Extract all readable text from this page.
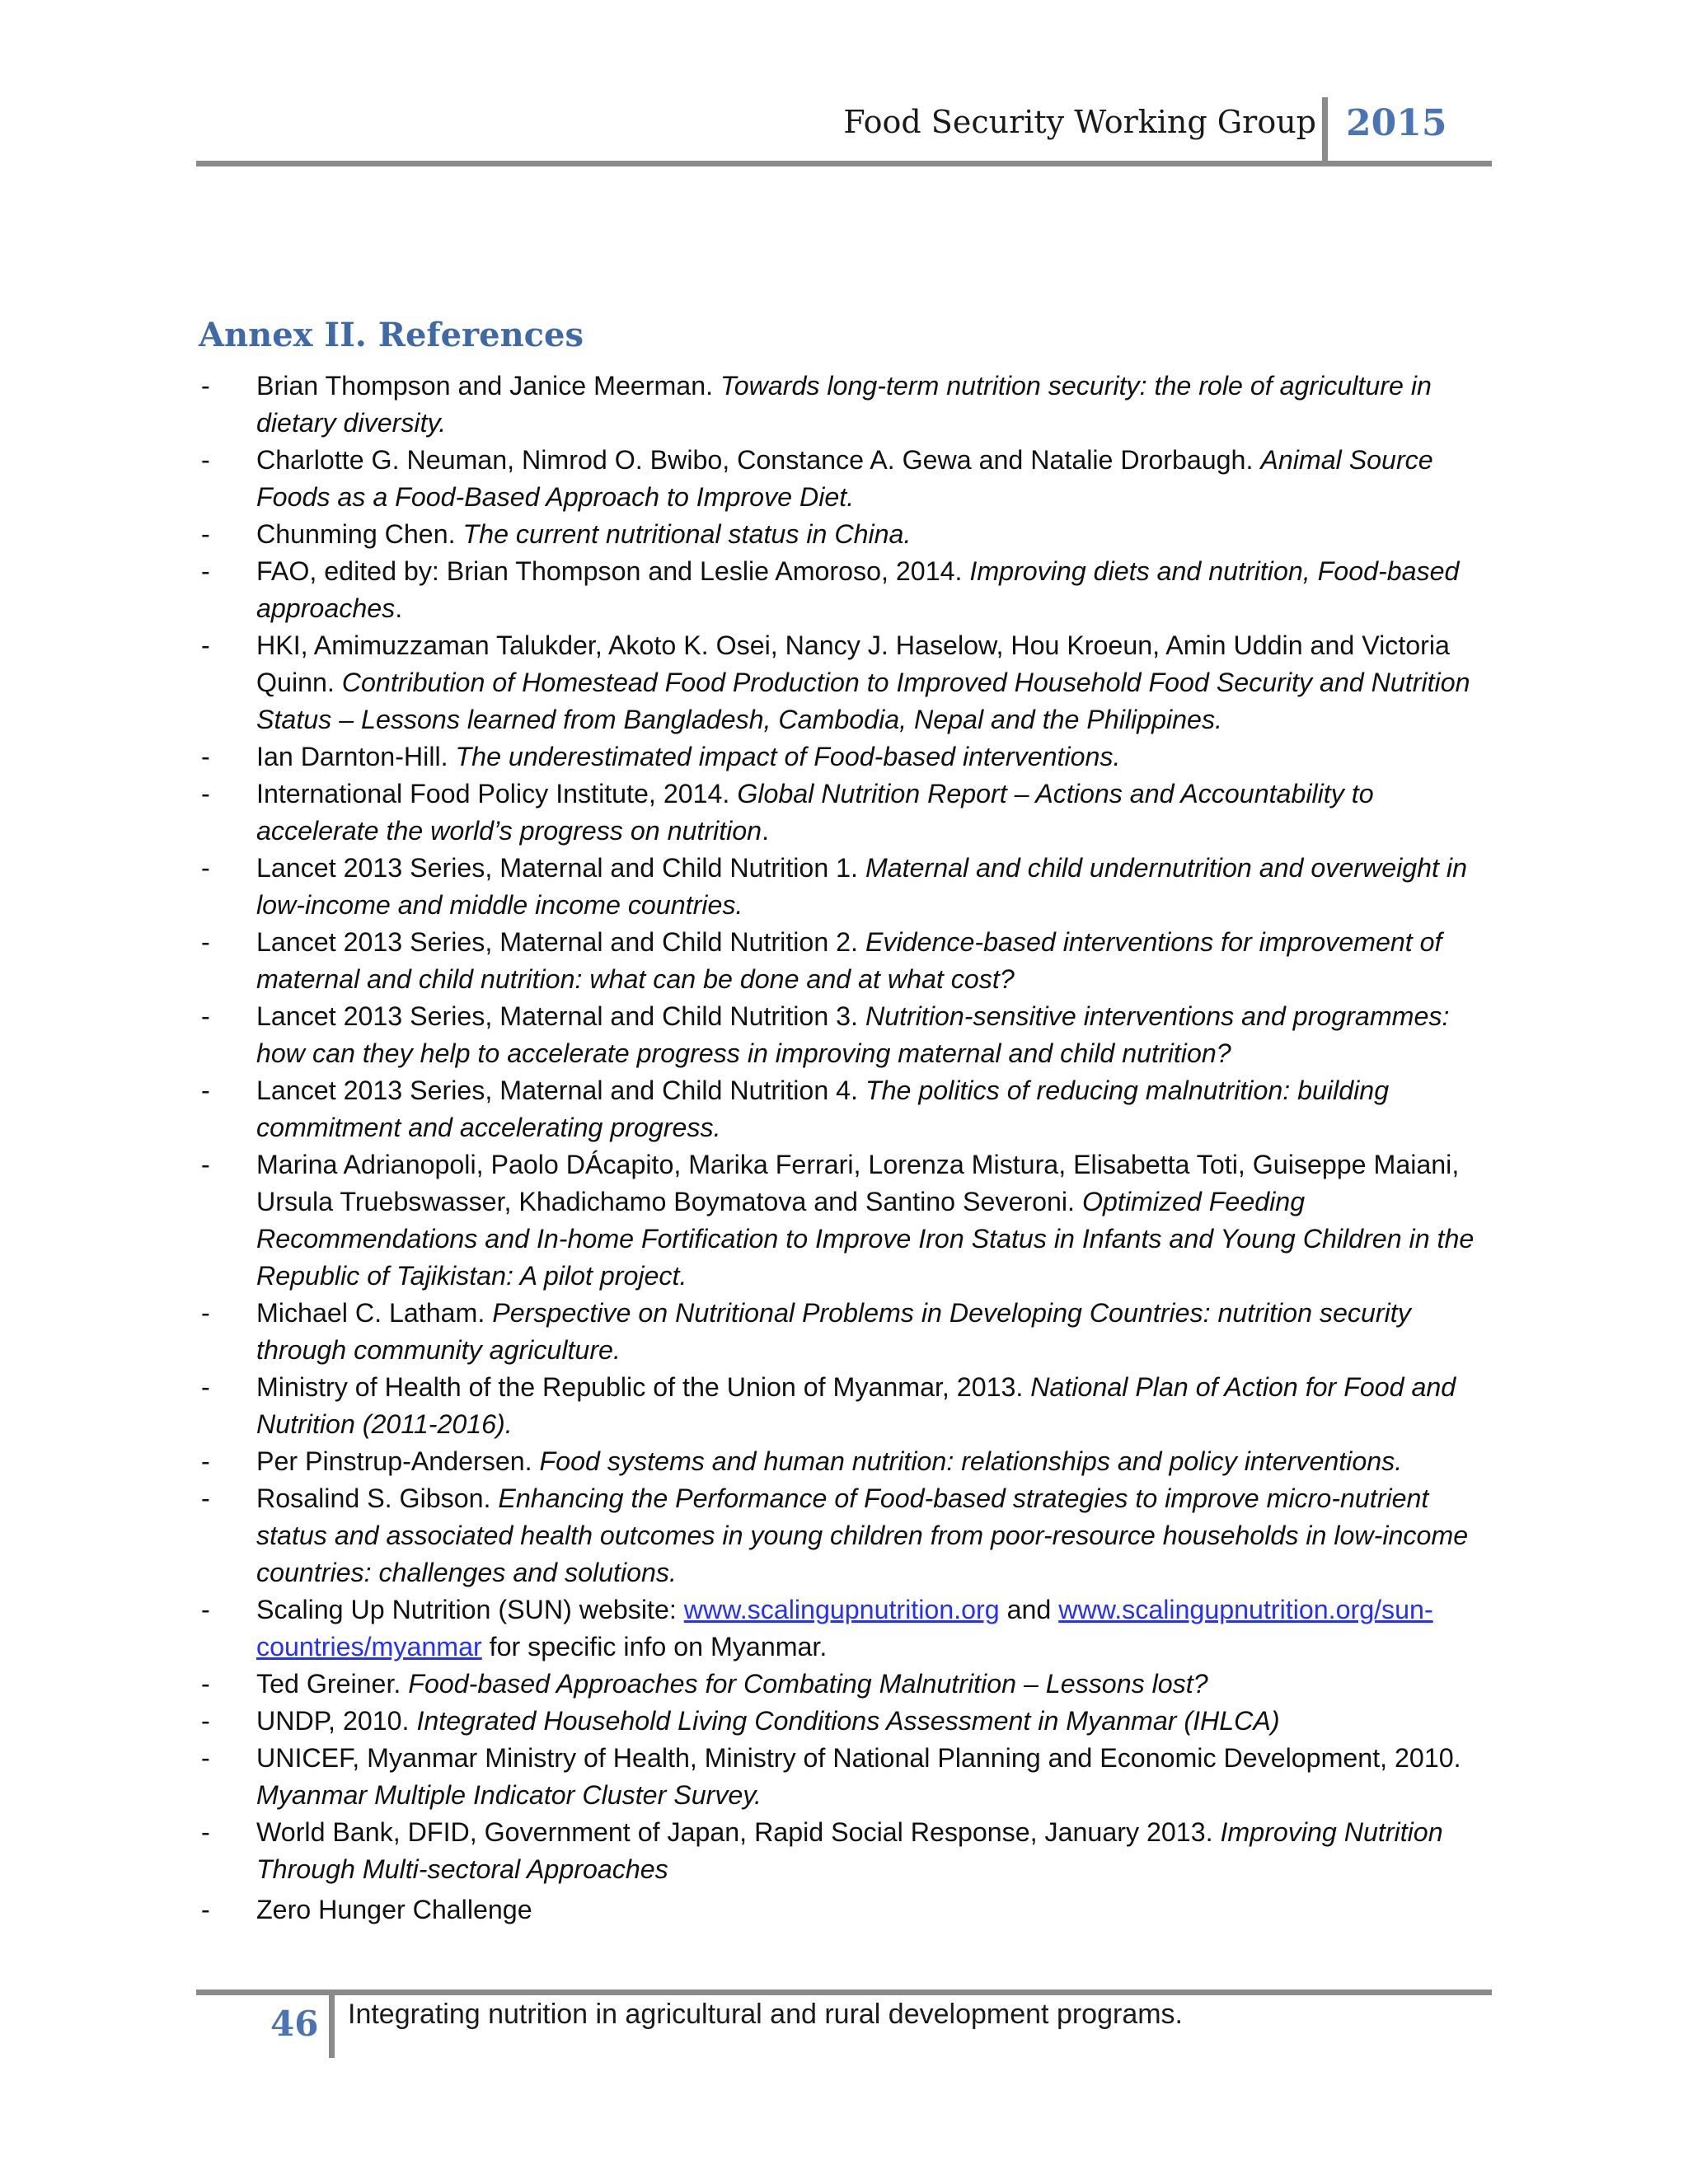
Food Security Working Group 2015
Annex II. References
- Brian Thompson and Janice Meerman. Towards long-term nutrition security: the role of agriculture in dietary diversity.
- Charlotte G. Neuman, Nimrod O. Bwibo, Constance A. Gewa and Natalie Drorbaugh. Animal Source Foods as a Food-Based Approach to Improve Diet.
- Chunming Chen. The current nutritional status in China.
- FAO, edited by: Brian Thompson and Leslie Amoroso, 2014. Improving diets and nutrition, Food-based approaches.
- HKI, Amimuzzaman Talukder, Akoto K. Osei, Nancy J. Haselow, Hou Kroeun, Amin Uddin and Victoria Quinn. Contribution of Homestead Food Production to Improved Household Food Security and Nutrition Status – Lessons learned from Bangladesh, Cambodia, Nepal and the Philippines.
- Ian Darnton-Hill. The underestimated impact of Food-based interventions.
- International Food Policy Institute, 2014. Global Nutrition Report – Actions and Accountability to accelerate the world’s progress on nutrition.
- Lancet 2013 Series, Maternal and Child Nutrition 1. Maternal and child undernutrition and overweight in low-income and middle income countries.
- Lancet 2013 Series, Maternal and Child Nutrition 2. Evidence-based interventions for improvement of maternal and child nutrition: what can be done and at what cost?
- Lancet 2013 Series, Maternal and Child Nutrition 3. Nutrition-sensitive interventions and programmes: how can they help to accelerate progress in improving maternal and child nutrition?
- Lancet 2013 Series, Maternal and Child Nutrition 4. The politics of reducing malnutrition: building commitment and accelerating progress.
- Marina Adrianopoli, Paolo DÁcapito, Marika Ferrari, Lorenza Mistura, Elisabetta Toti, Guiseppe Maiani, Ursula Truebswasser, Khadichamo Boymatova and Santino Severoni. Optimized Feeding Recommendations and In-home Fortification to Improve Iron Status in Infants and Young Children in the Republic of Tajikistan: A pilot project.
- Michael C. Latham. Perspective on Nutritional Problems in Developing Countries: nutrition security through community agriculture.
- Ministry of Health of the Republic of the Union of Myanmar, 2013. National Plan of Action for Food and Nutrition (2011-2016).
- Per Pinstrup-Andersen. Food systems and human nutrition: relationships and policy interventions.
- Rosalind S. Gibson. Enhancing the Performance of Food-based strategies to improve micro-nutrient status and associated health outcomes in young children from poor-resource households in low-income countries: challenges and solutions.
- Scaling Up Nutrition (SUN) website: www.scalingupnutrition.org and www.scalingupnutrition.org/sun-countries/myanmar for specific info on Myanmar.
- Ted Greiner. Food-based Approaches for Combating Malnutrition – Lessons lost?
- UNDP, 2010. Integrated Household Living Conditions Assessment in Myanmar (IHLCA)
- UNICEF, Myanmar Ministry of Health, Ministry of National Planning and Economic Development, 2010. Myanmar Multiple Indicator Cluster Survey.
- World Bank, DFID, Government of Japan, Rapid Social Response, January 2013. Improving Nutrition Through Multi-sectoral Approaches
- Zero Hunger Challenge
46 Integrating nutrition in agricultural and rural development programs.
